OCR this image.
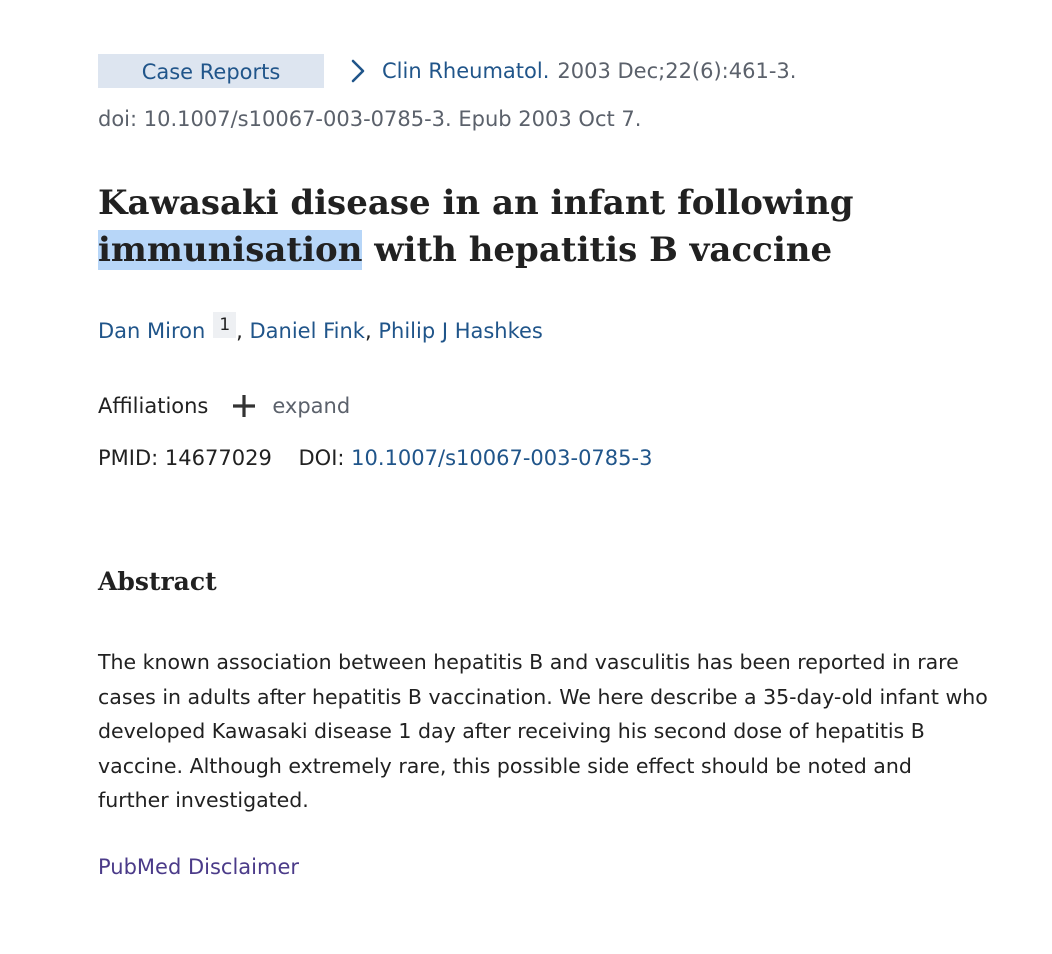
Case Reports	Clin Rheumatol. 2003 Dec;22(6):461-3.
doi: 10.1007/s10067-003-0785-3. Epub 2003 Oct 7.
Kawasaki disease in an infant following immunisation with hepatitis B vaccine
Dan Miron 1 , Daniel Fink, Philip J Hashkes
Affiliations	expand
PMID: 14677029 DOI: 10.1007/s10067-003-0785-3
Abstract

The known association between hepatitis B and vasculitis has been reported in rare cases in adults after hepatitis B vaccination. We here describe a 35-day-old infant who developed Kawasaki disease 1 day after receiving his second dose of hepatitis B vaccine. Although extremely rare, this possible side effect should be noted and further investigated.

PubMed Disclaimer
